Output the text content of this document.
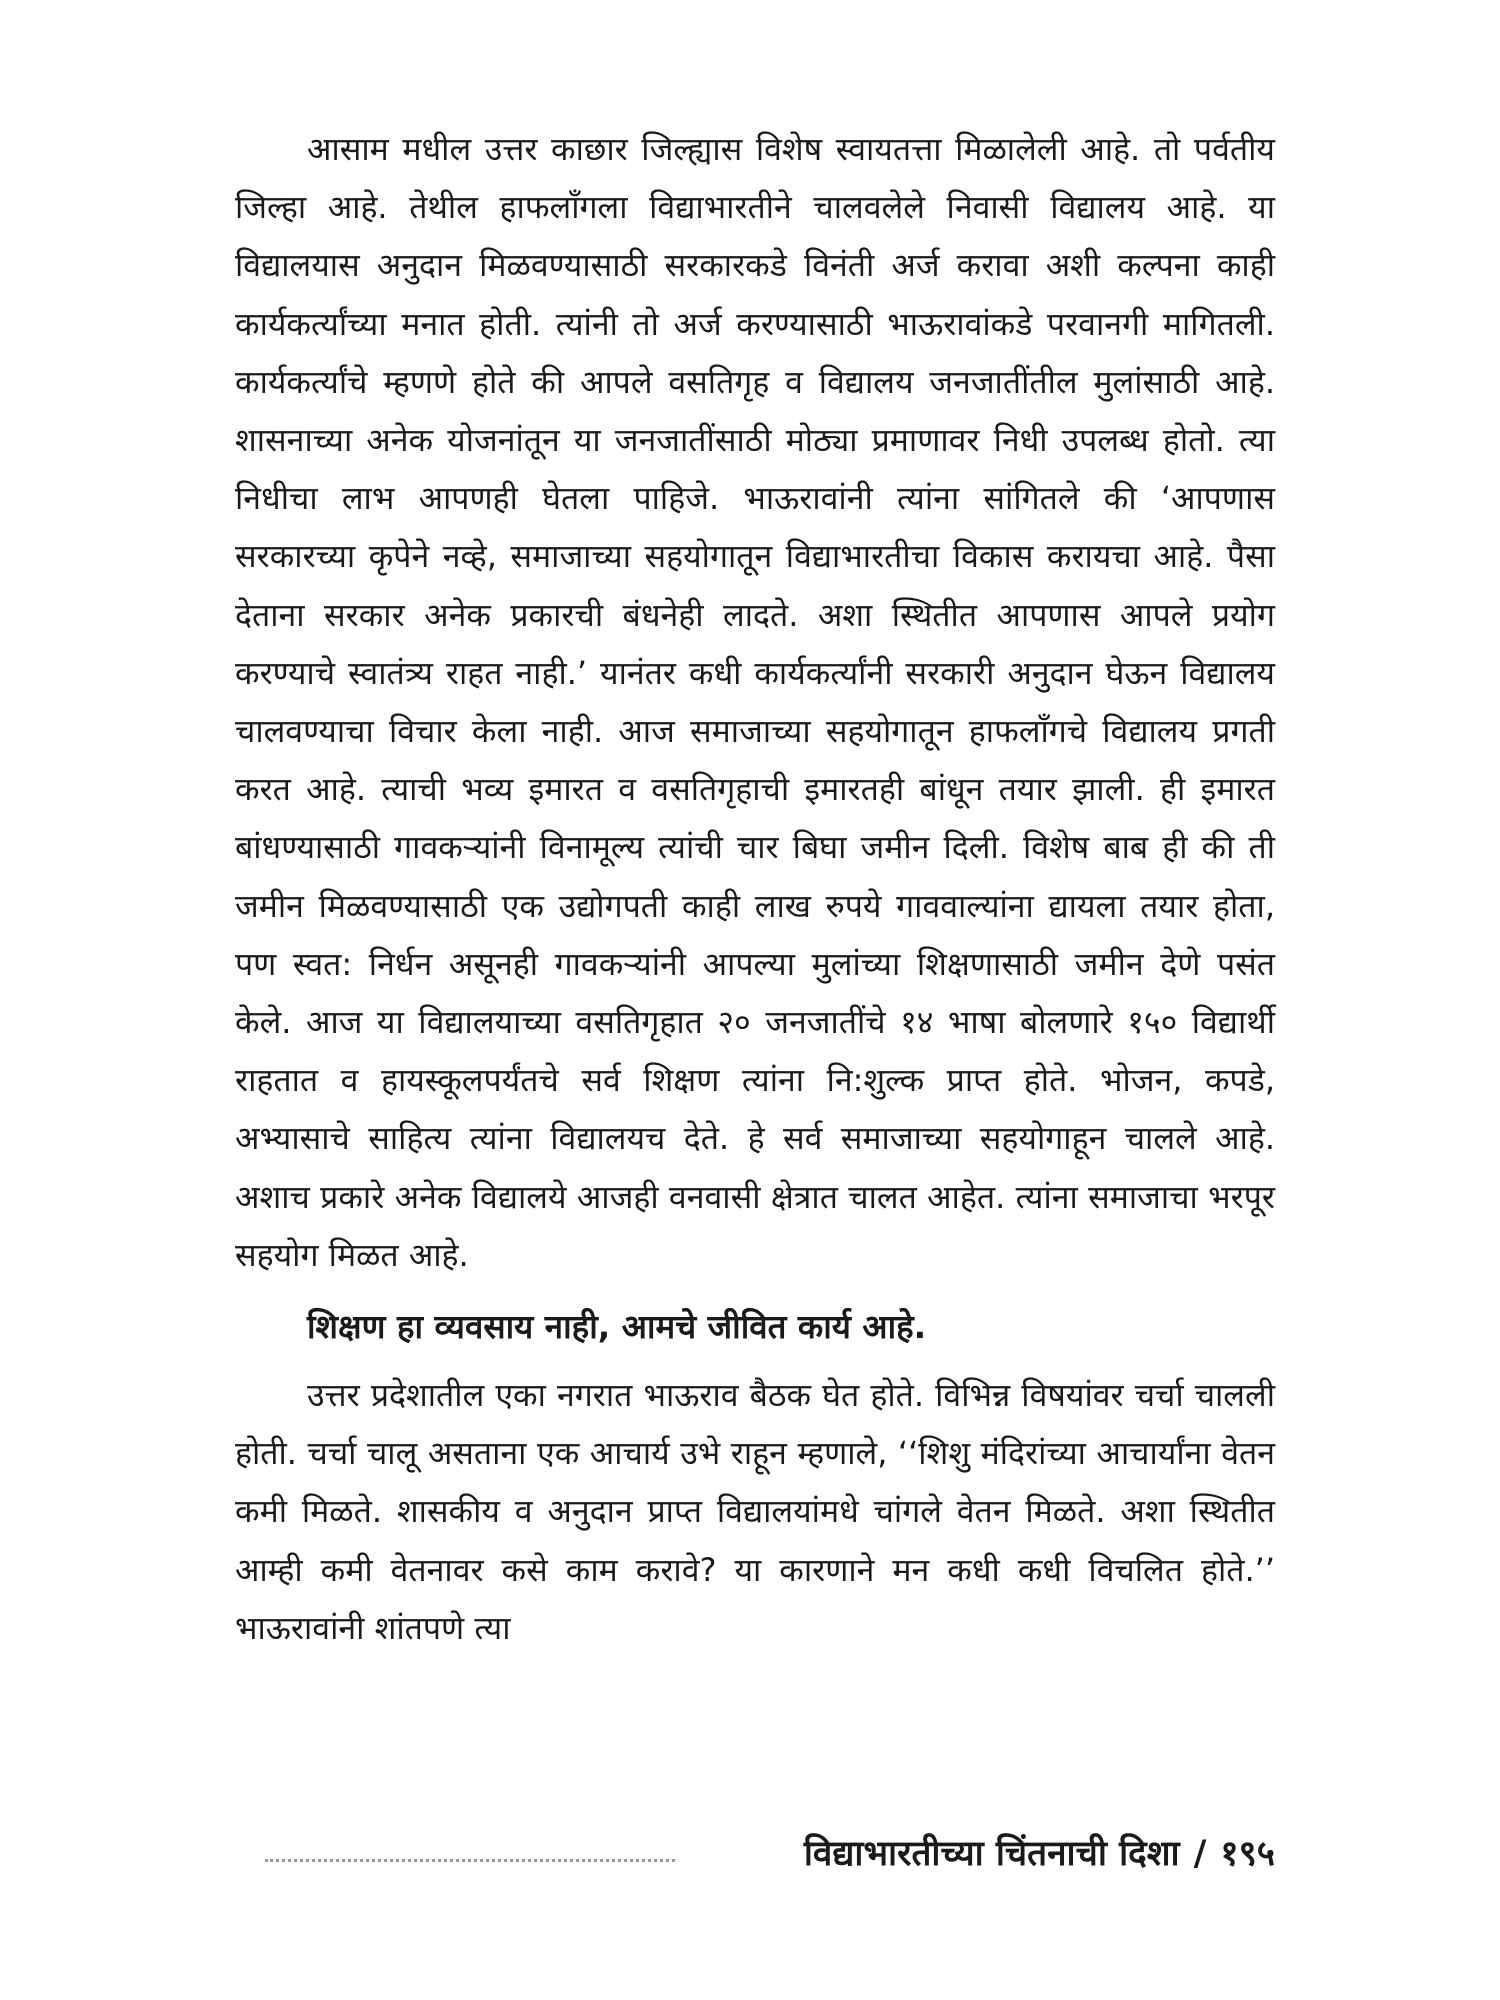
आसाम मधील उत्तर काछार जिल्ह्यास विशेष स्वायतत्ता मिळालेली आहे. तो पर्वतीय जिल्हा आहे. तेथील हाफलाँगला विद्याभारतीने चालवलेले निवासी विद्यालय आहे. या विद्यालयास अनुदान मिळवण्यासाठी सरकारकडे विनंती अर्ज करावा अशी कल्पना काही कार्यकर्त्यांच्या मनात होती. त्यांनी तो अर्ज करण्यासाठी भाऊरावांकडे परवानगी मागितली. कार्यकर्त्यांचे म्हणणे होते की आपले वसतिगृह व विद्यालय जनजातींतील मुलांसाठी आहे. शासनाच्या अनेक योजनांतून या जनजातींसाठी मोठ्या प्रमाणावर निधी उपलब्ध होतो. त्या निधीचा लाभ आपणही घेतला पाहिजे. भाऊरावांनी त्यांना सांगितले की ‘आपणास सरकारच्या कृपेने नव्हे, समाजाच्या सहयोगातून विद्याभारतीचा विकास करायचा आहे. पैसा देताना सरकार अनेक प्रकारची बंधनेही लादते. अशा स्थितीत आपणास आपले प्रयोग करण्याचे स्वातंत्र्य राहत नाही.’ यानंतर कधी कार्यकर्त्यांनी सरकारी अनुदान घेऊन विद्यालय चालवण्याचा विचार केला नाही. आज समाजाच्या सहयोगातून हाफलाँगचे विद्यालय प्रगती करत आहे. त्याची भव्य इमारत व वसतिगृहाची इमारतही बांधून तयार झाली. ही इमारत बांधण्यासाठी गावकऱ्यांनी विनामूल्य त्यांची चार बिघा जमीन दिली. विशेष बाब ही की ती जमीन मिळवण्यासाठी एक उद्योगपती काही लाख रुपये गाववाल्यांना द्यायला तयार होता, पण स्वत: निर्धन असूनही गावकऱ्यांनी आपल्या मुलांच्या शिक्षणासाठी जमीन देणे पसंत केले. आज या विद्यालयाच्या वसतिगृहात २० जनजातींचे १४ भाषा बोलणारे १५० विद्यार्थी राहतात व हायस्कूलपर्यंतचे सर्व शिक्षण त्यांना नि:शुल्क प्राप्त होते. भोजन, कपडे, अभ्यासाचे साहित्य त्यांना विद्यालयच देते. हे सर्व समाजाच्या सहयोगाहून चालले आहे. अशाच प्रकारे अनेक विद्यालये आजही वनवासी क्षेत्रात चालत आहेत. त्यांना समाजाचा भरपूर सहयोग मिळत आहे.

शिक्षण हा व्यवसाय नाही, आमचे जीवित कार्य आहे.

उत्तर प्रदेशातील एका नगरात भाऊराव बैठक घेत होते. विभिन्न विषयांवर चर्चा चालली होती. चर्चा चालू असताना एक आचार्य उभे राहून म्हणाले, ‘‘शिशु मंदिरांच्या आचार्यांना वेतन कमी मिळते. शासकीय व अनुदान प्राप्त विद्यालयांमधे चांगले वेतन मिळते. अशा स्थितीत आम्ही कमी वेतनावर कसे काम करावे? या कारणाने मन कधी कधी विचलित होते.’’ भाऊरावांनी शांतपणे त्या

विद्याभारतीच्या चिंतनाची दिशा / १९५
